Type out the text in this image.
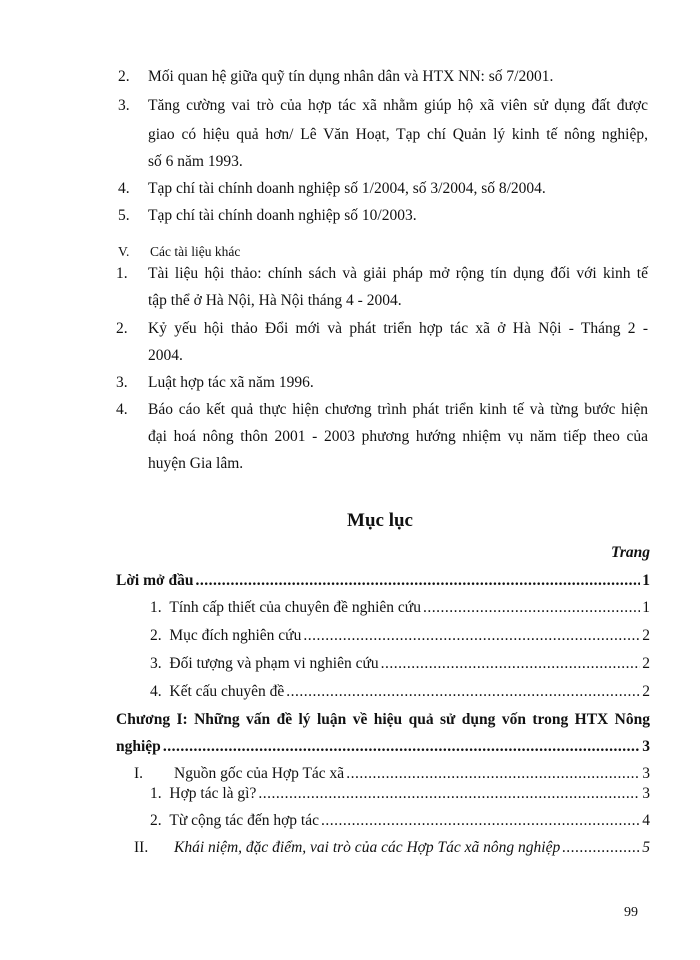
2. Mối quan hệ giữa quỹ tín dụng nhân dân và HTX NN: số 7/2001.
3. Tăng cường vai trò của hợp tác xã nhằm giúp hộ xã viên sử dụng đất được
giao có hiệu quả hơn/ Lê Văn Hoạt, Tạp chí Quản lý kinh tế nông nghiệp,
số 6 năm 1993.
4. Tạp chí tài chính doanh nghiệp số 1/2004, số 3/2004, số 8/2004.
5. Tạp chí tài chính doanh nghiệp số 10/2003.
V. Các tài liệu khác
1. Tài liệu hội thảo: chính sách và giải pháp mở rộng tín dụng đối với kinh tế
tập thể ở Hà Nội, Hà Nội tháng 4 - 2004.
2. Kỷ yếu hội thảo Đổi mới và phát triển hợp tác xã ở Hà Nội - Tháng 2 -
2004.
3. Luật hợp tác xã năm 1996.
4. Báo cáo kết quả thực hiện chương trình phát triển kinh tế và từng bước hiện
đại hoá nông thôn 2001 - 2003 phương hướng nhiệm vụ năm tiếp theo của
huyện Gia lâm.
Mục lục
Trang
Lời mở đầu .....	1
1.
Tính cấp thiết của chuyên đề nghiên cứu .....	1
2.
Mục đích nghiên cứu .....	2
3.
Đối tượng và phạm vi nghiên cứu .....	2
4.
Kết cấu chuyên đề .....	2
Chương I: Những vấn đề lý luận về hiệu quả sử dụng vốn trong HTX Nông
nghiệp .....	3
I.	Nguồn gốc của Hợp Tác xã .....	3
1.
Hợp tác là gì? .....	3
2.
Từ cộng tác đến hợp tác .....	4
II.	Khái niệm, đặc điểm, vai trò của các Hợp Tác xã nông nghiệp .....	5
99
